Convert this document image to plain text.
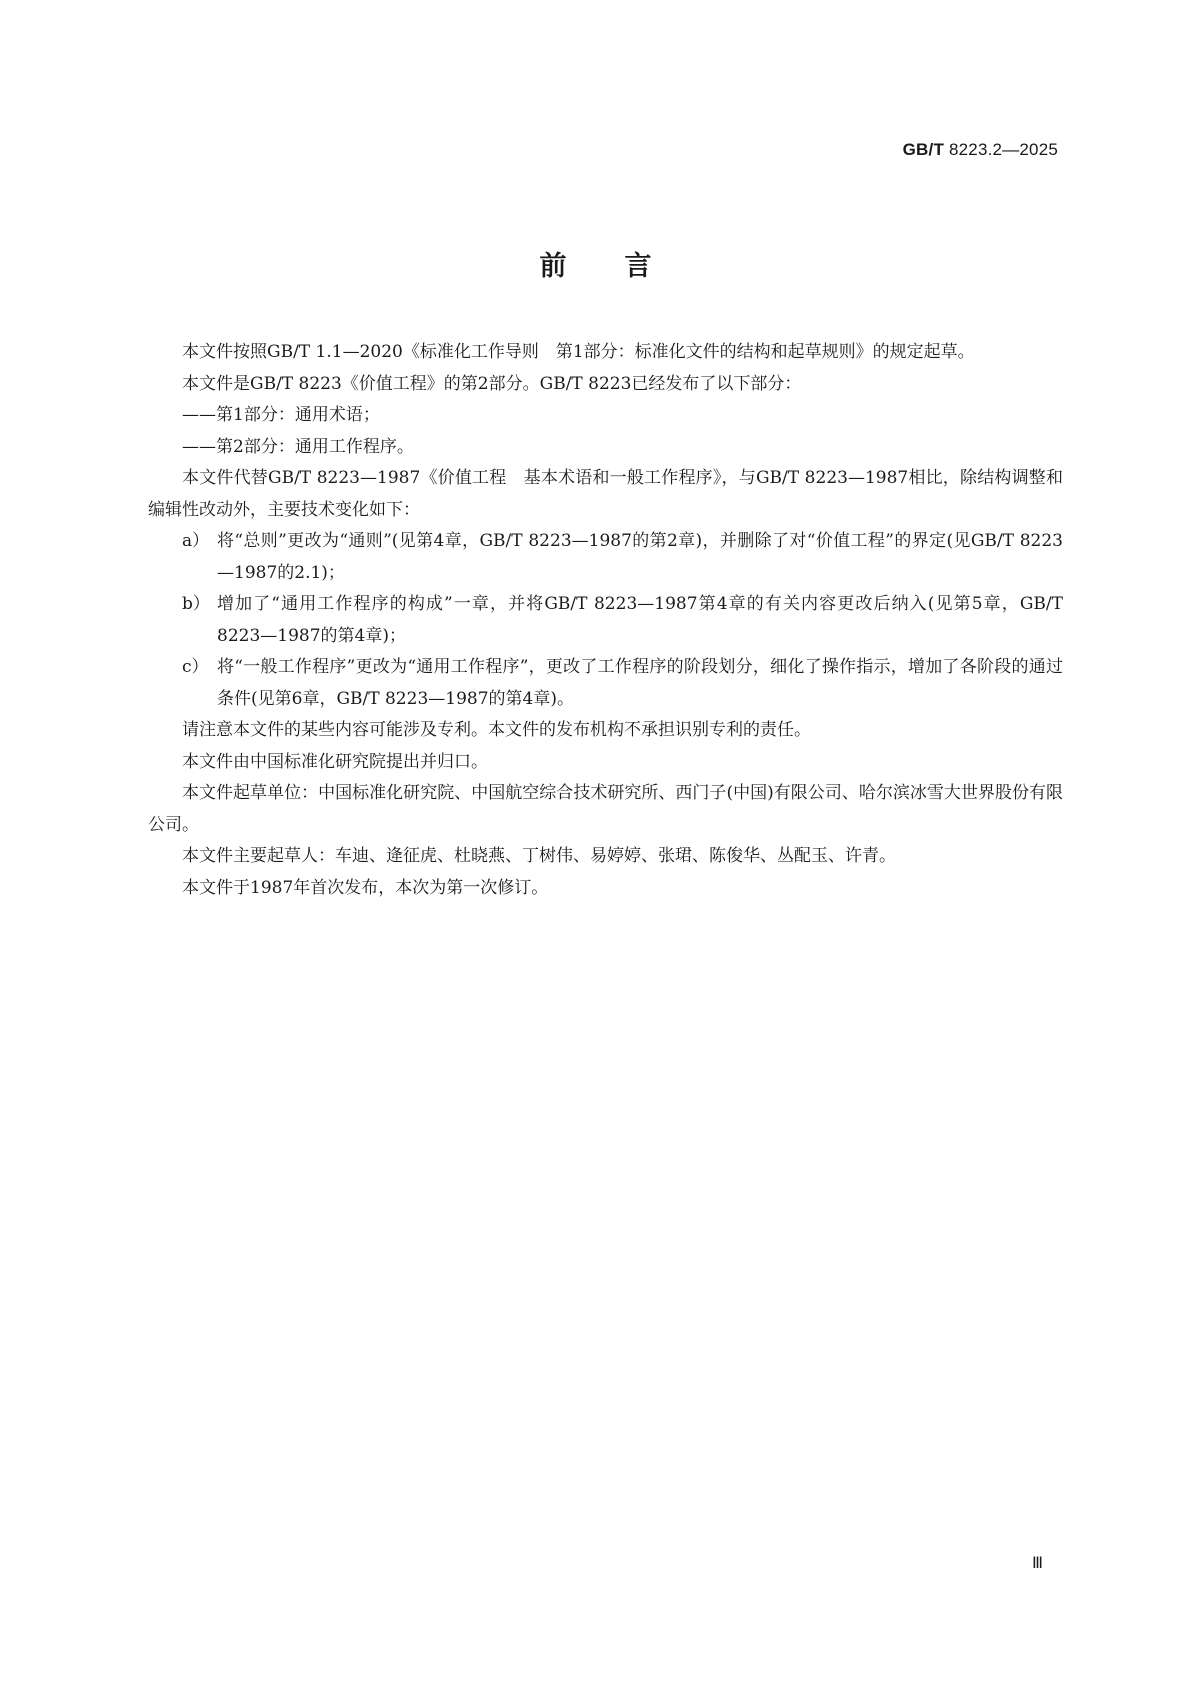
GB/T 8223.2—2025
前言

本文件按照GB/T 1.1—2020《标准化工作导则　第1部分：标准化文件的结构和起草规则》的规定起草。

本文件是GB/T 8223《价值工程》的第2部分。GB/T 8223已经发布了以下部分：

——第1部分：通用术语；

——第2部分：通用工作程序。

本文件代替GB/T 8223—1987《价值工程　基本术语和一般工作程序》，与GB/T 8223—1987相比，除结构调整和编辑性改动外，主要技术变化如下：

a） 将“总则”更改为“通则”(见第4章，GB/T 8223—1987的第2章)，并删除了对“价值工程”的界定(见GB/T 8223—1987的2.1)；
b） 增加了“通用工作程序的构成”一章，并将GB/T 8223—1987第4章的有关内容更改后纳入(见第5章，GB/T 8223—1987的第4章)；
c） 将“一般工作程序”更改为“通用工作程序”，更改了工作程序的阶段划分，细化了操作指示，增加了各阶段的通过条件(见第6章，GB/T 8223—1987的第4章)。

请注意本文件的某些内容可能涉及专利。本文件的发布机构不承担识别专利的责任。

本文件由中国标准化研究院提出并归口。

本文件起草单位：中国标准化研究院、中国航空综合技术研究所、西门子(中国)有限公司、哈尔滨冰雪大世界股份有限公司。

本文件主要起草人：车迪、逄征虎、杜晓燕、丁树伟、易婷婷、张珺、陈俊华、丛配玉、许青。

本文件于1987年首次发布，本次为第一次修订。

Ⅲ
